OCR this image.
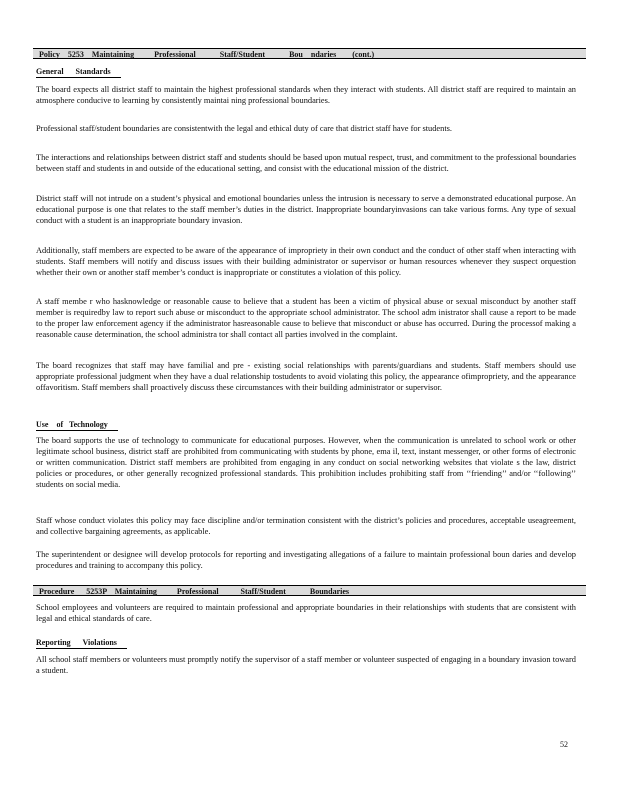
Policy    5253    Maintaining          Professional            Staff/Student            Bou    ndaries        (cont.)
General      Standards

The board expects all district staff to maintain the highest professional standards when they interact with students. All district staff are required to maintain an atmosphere conducive to learning by consistently maintai ning professional boundaries.

Professional staff/student boundaries are consistentwith the legal and ethical duty of care that district staff have for students.

The interactions and relationships between district staff and students should be based upon mutual respect, trust, and commitment to the professional boundaries between staff and students in and outside of the educational setting, and consist with the educational mission of the district.

District staff will not intrude on a student’s physical and emotional boundaries unless the intrusion is necessary to serve a demonstrated educational purpose. An educational purpose is one that relates to the staff member’s duties in the district. Inappropriate boundaryinvasions can take various forms. Any type of sexual conduct with a student is an inappropriate boundary invasion.

Additionally, staff members are expected to be aware of the appearance of impropriety in their own conduct and the conduct of other staff when interacting with students. Staff members will notify and discuss issues with their building administrator or supervisor or human resources whenever they suspect orquestion whether their own or another staff member’s conduct is inappropriate or constitutes a violation of this policy.

A staff membe r who hasknowledge or reasonable cause to believe that a student has been a victim of physical abuse or sexual misconduct by another staff member is requiredby law to report such abuse or misconduct to the appropriate school administrator. The school adm inistrator shall cause a report to be made to the proper law enforcement agency if the administrator hasreasonable cause to believe that misconduct or abuse has occurred. During the processof making a reasonable cause determination, the school administra tor shall contact all parties involved in the complaint.

The board recognizes that staff may have familial and pre - existing social relationships with parents/guardians and students. Staff members should use appropriate professional judgment when they have a dual relationship tostudents to avoid violating this policy, the appearance ofimpropriety, and the appearance offavoritism. Staff members shall proactively discuss these circumstances with their building administrator or supervisor.

Use    of   Technology

The board supports the use of technology to communicate for educational purposes. However, when the communication is unrelated to school work or other legitimate school business, district staff are prohibited from communicating with students by phone, ema il, text, instant messenger, or other forms of electronic or written communication. District staff members are prohibited from engaging in any conduct on social networking websites that violate s the law, district policies or procedures, or other generally recognized professional standards. This prohibition includes prohibiting staff from ‘‘friending’’ and/or ‘‘following’’ students on social media.

Staff whose conduct violates this policy may face discipline and/or termination consistent with the district’s policies and procedures, acceptable useagreement, and collective bargaining agreements, as applicable.

The superintendent or designee will develop protocols for reporting and investigating allegations of a failure to maintain professional boun daries and develop procedures and training to accompany this policy.

Procedure      5253P    Maintaining          Professional           Staff/Student            Boundaries

School employees and volunteers are required to maintain professional and appropriate boundaries in their relationships with students that are consistent with legal and ethical standards of care.

Reporting      Violations

All school staff members or volunteers must promptly notify the supervisor of a staff member or volunteer suspected of engaging in a boundary invasion toward a student.

52
